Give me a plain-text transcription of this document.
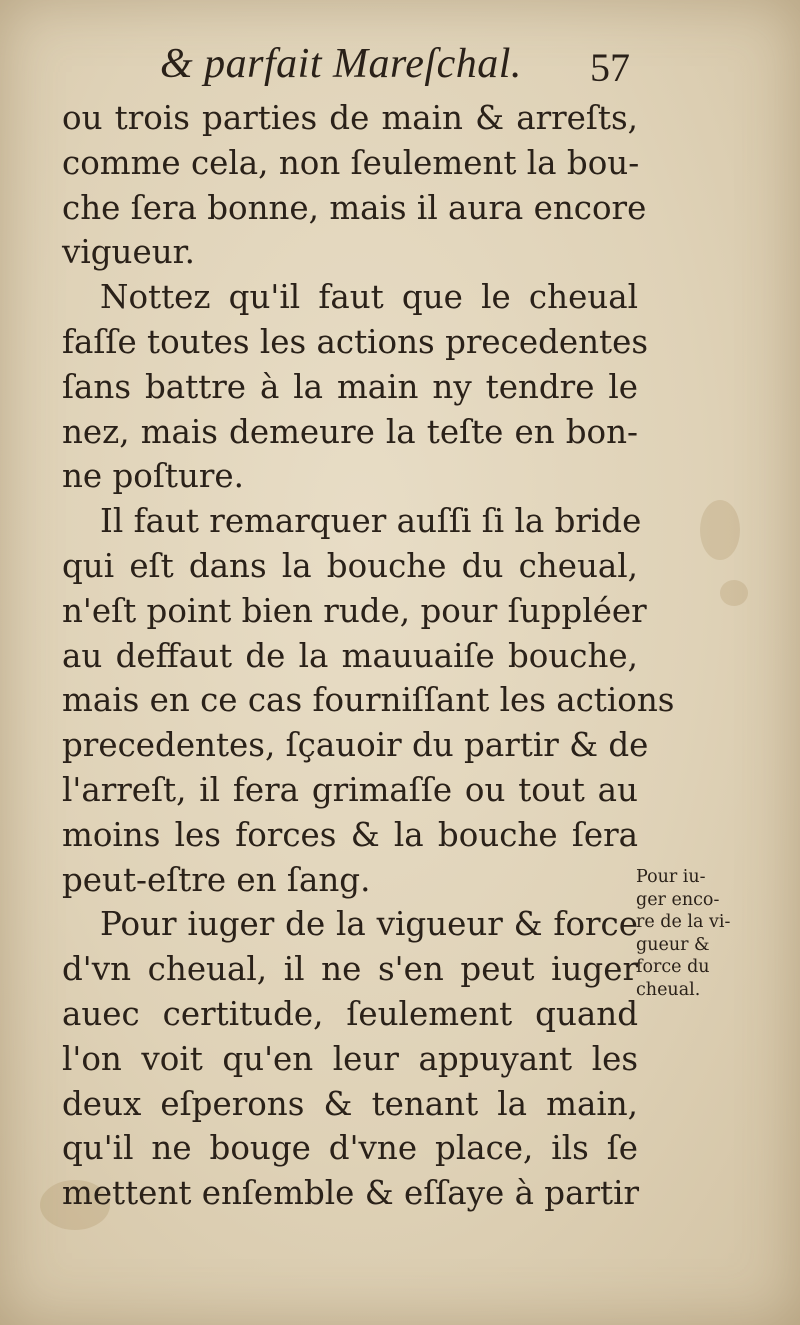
& parfait Mareſchal. 57
ou trois parties de main & arreſts,
comme cela, non ſeulement la bou-
che ſera bonne, mais il aura encore
vigueur.
Nottez qu'il faut que le cheual
faſſe toutes les actions precedentes
ſans battre à la main ny tendre le
nez, mais demeure la teſte en bon-
ne poſture.
Il faut remarquer auſſi ſi la bride
qui eſt dans la bouche du cheual,
n'eſt point bien rude, pour ſuppléer
au deffaut de la mauuaiſe bouche,
mais en ce cas fourniſſant les actions
precedentes, ſçauoir du partir & de
l'arreſt, il fera grimaſſe ou tout au
moins les forces & la bouche ſera
peut-eſtre en ſang.
Pour iuger de la vigueur & force
d'vn cheual, il ne s'en peut iuger
auec certitude, ſeulement quand
l'on voit qu'en leur appuyant les
deux eſperons & tenant la main,
qu'il ne bouge d'vne place, ils ſe
mettent enſemble & eſſaye à partir
Pour iu-
ger enco-
re de la vi-
gueur &
force du
cheual.
